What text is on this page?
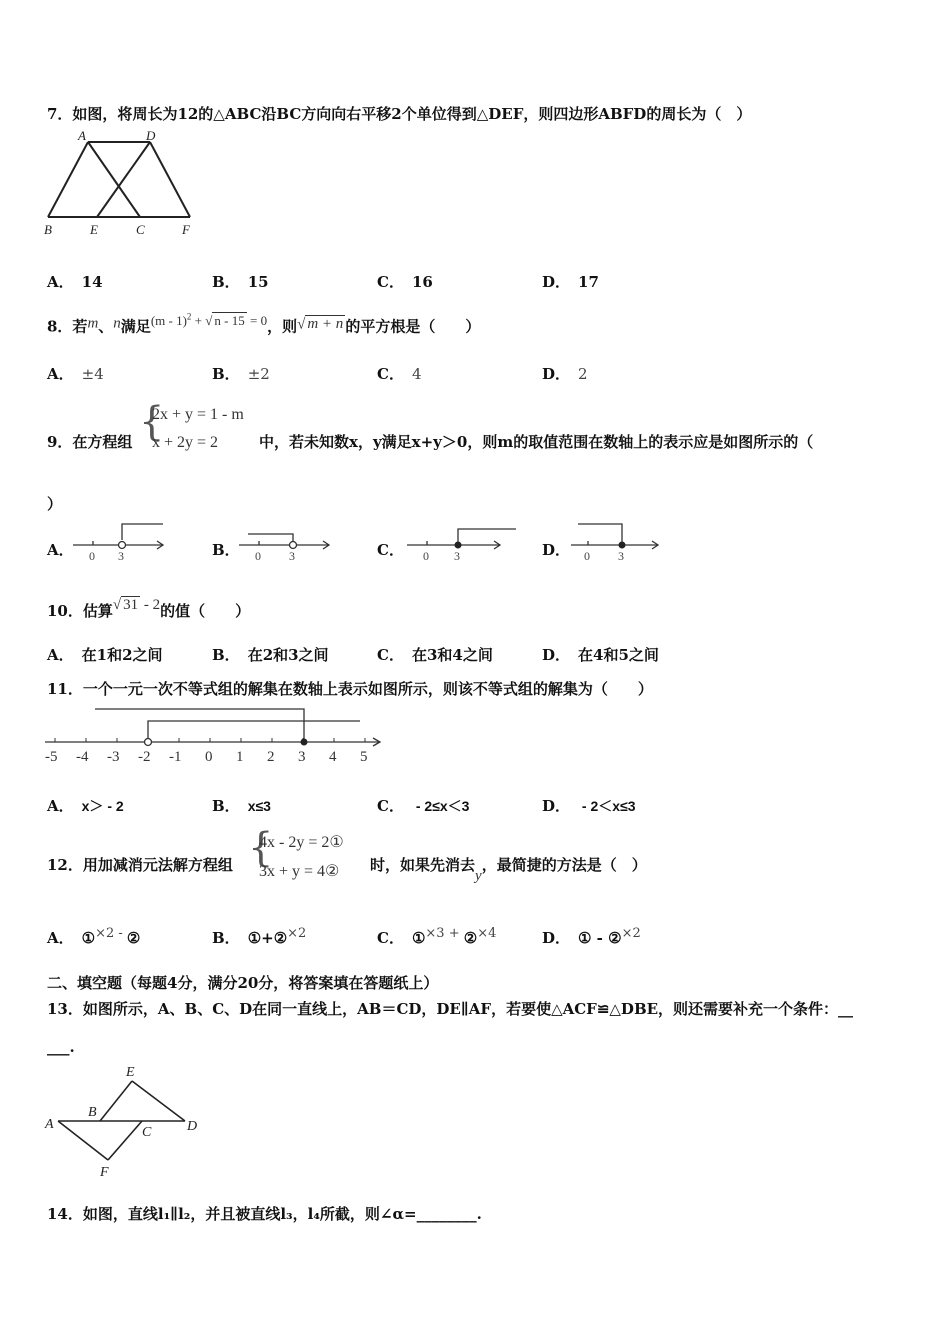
7．如图，将周长为12的△ABC沿BC方向向右平移2个单位得到△DEF，则四边形ABFD的周长为（　）
A	D
B	E	C	F
A． 14	B． 15	C． 16	D． 17
8．若m、n满足(m - 1)$^2$ + √ n - 15 = 0，则√ m + n 的平方根是（　　）
A． ±4	B． ±2	C． 4	D． 2
9．在方程组 {
2x + y = 1 - m
x + 2y = 2	中，若未知数x，y满足x+y＞0，则m的取值范围在数轴上的表示应是如图所示的（
）
A． 0 3	B． 0 3	C． 0 3	D． 0 3
10．估算√ 31 - 2的值（　　）
A． 在1和2之间	B． 在2和3之间	C． 在3和4之间	D． 在4和5之间
11．一个一元一次不等式组的解集在数轴上表示如图所示，则该不等式组的解集为（　　）
-5 -4 -3 -2 -1 0 1 2 3 4 5
A． x＞ - 2	B． x≤3	C． - 2≤x＜3	D． - 2＜x≤3
12．用加减消元法解方程组 {
4x - 2y = 2①
3x + y = 4② 时，如果先消去y，最简捷的方法是（　）
A． ①$^{\times 2 -}$ ②	B． ①+②$^{\times 2}$	C． ①$^{\times 3 +}$ ②$^{\times 4}$	D． ① - ②$^{\times 2}$
二、填空题（每题4分，满分20分，将答案填在答题纸上）
13．如图所示，A、B、C、D在同一直线上，AB＝CD，DE∥AF，若要使△ACF≌△DBE，则还需要补充一个条件：__
___.
A
B
C	D
E
F
14．如图，直线l₁∥l₂，并且被直线l₃，l₄所截，则∠α=________.
